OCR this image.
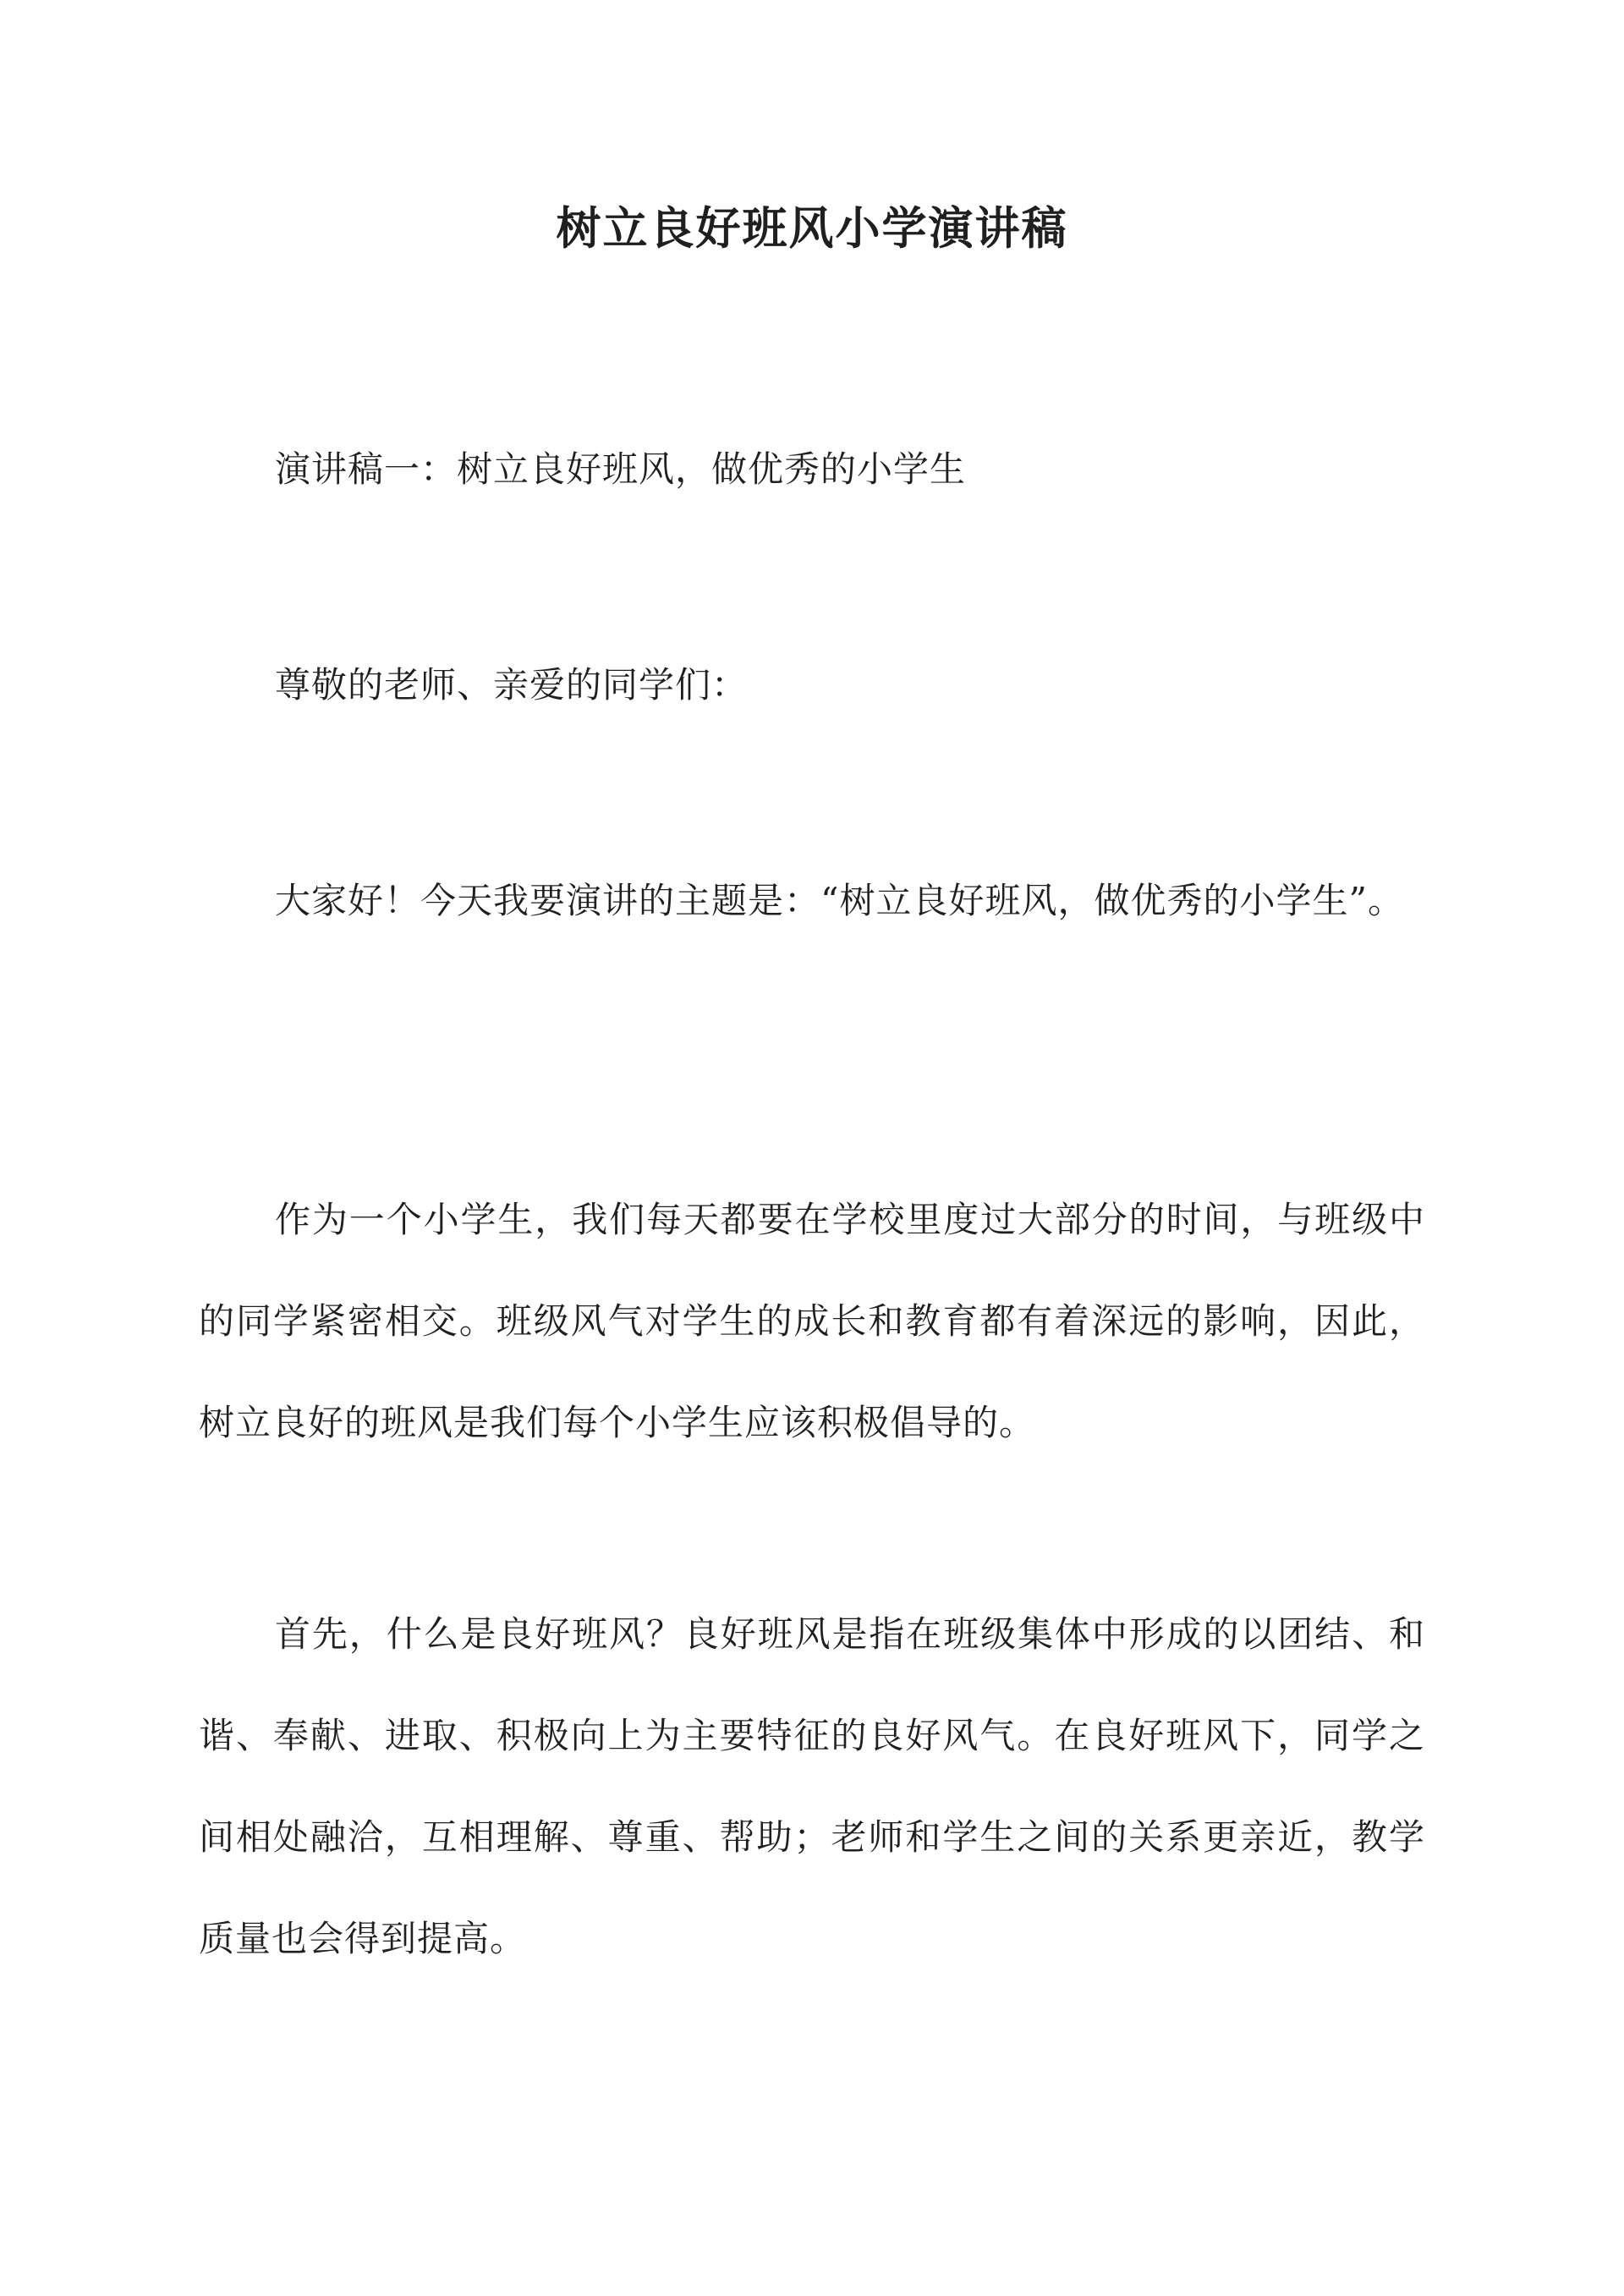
树立良好班风小学演讲稿

演讲稿一：树立良好班风，做优秀的小学生

尊敬的老师、亲爱的同学们：

大家好！今天我要演讲的主题是：“树立良好班风，做优秀的小学生”。

作为一个小学生，我们每天都要在学校里度过大部分的时间，与班级中的同学紧密相交。班级风气对学生的成长和教育都有着深远的影响，因此，树立良好的班风是我们每个小学生应该积极倡导的。

首先，什么是良好班风？良好班风是指在班级集体中形成的以团结、和谐、奉献、进取、积极向上为主要特征的良好风气。在良好班风下，同学之间相处融洽，互相理解、尊重、帮助；老师和学生之间的关系更亲近，教学质量也会得到提高。
